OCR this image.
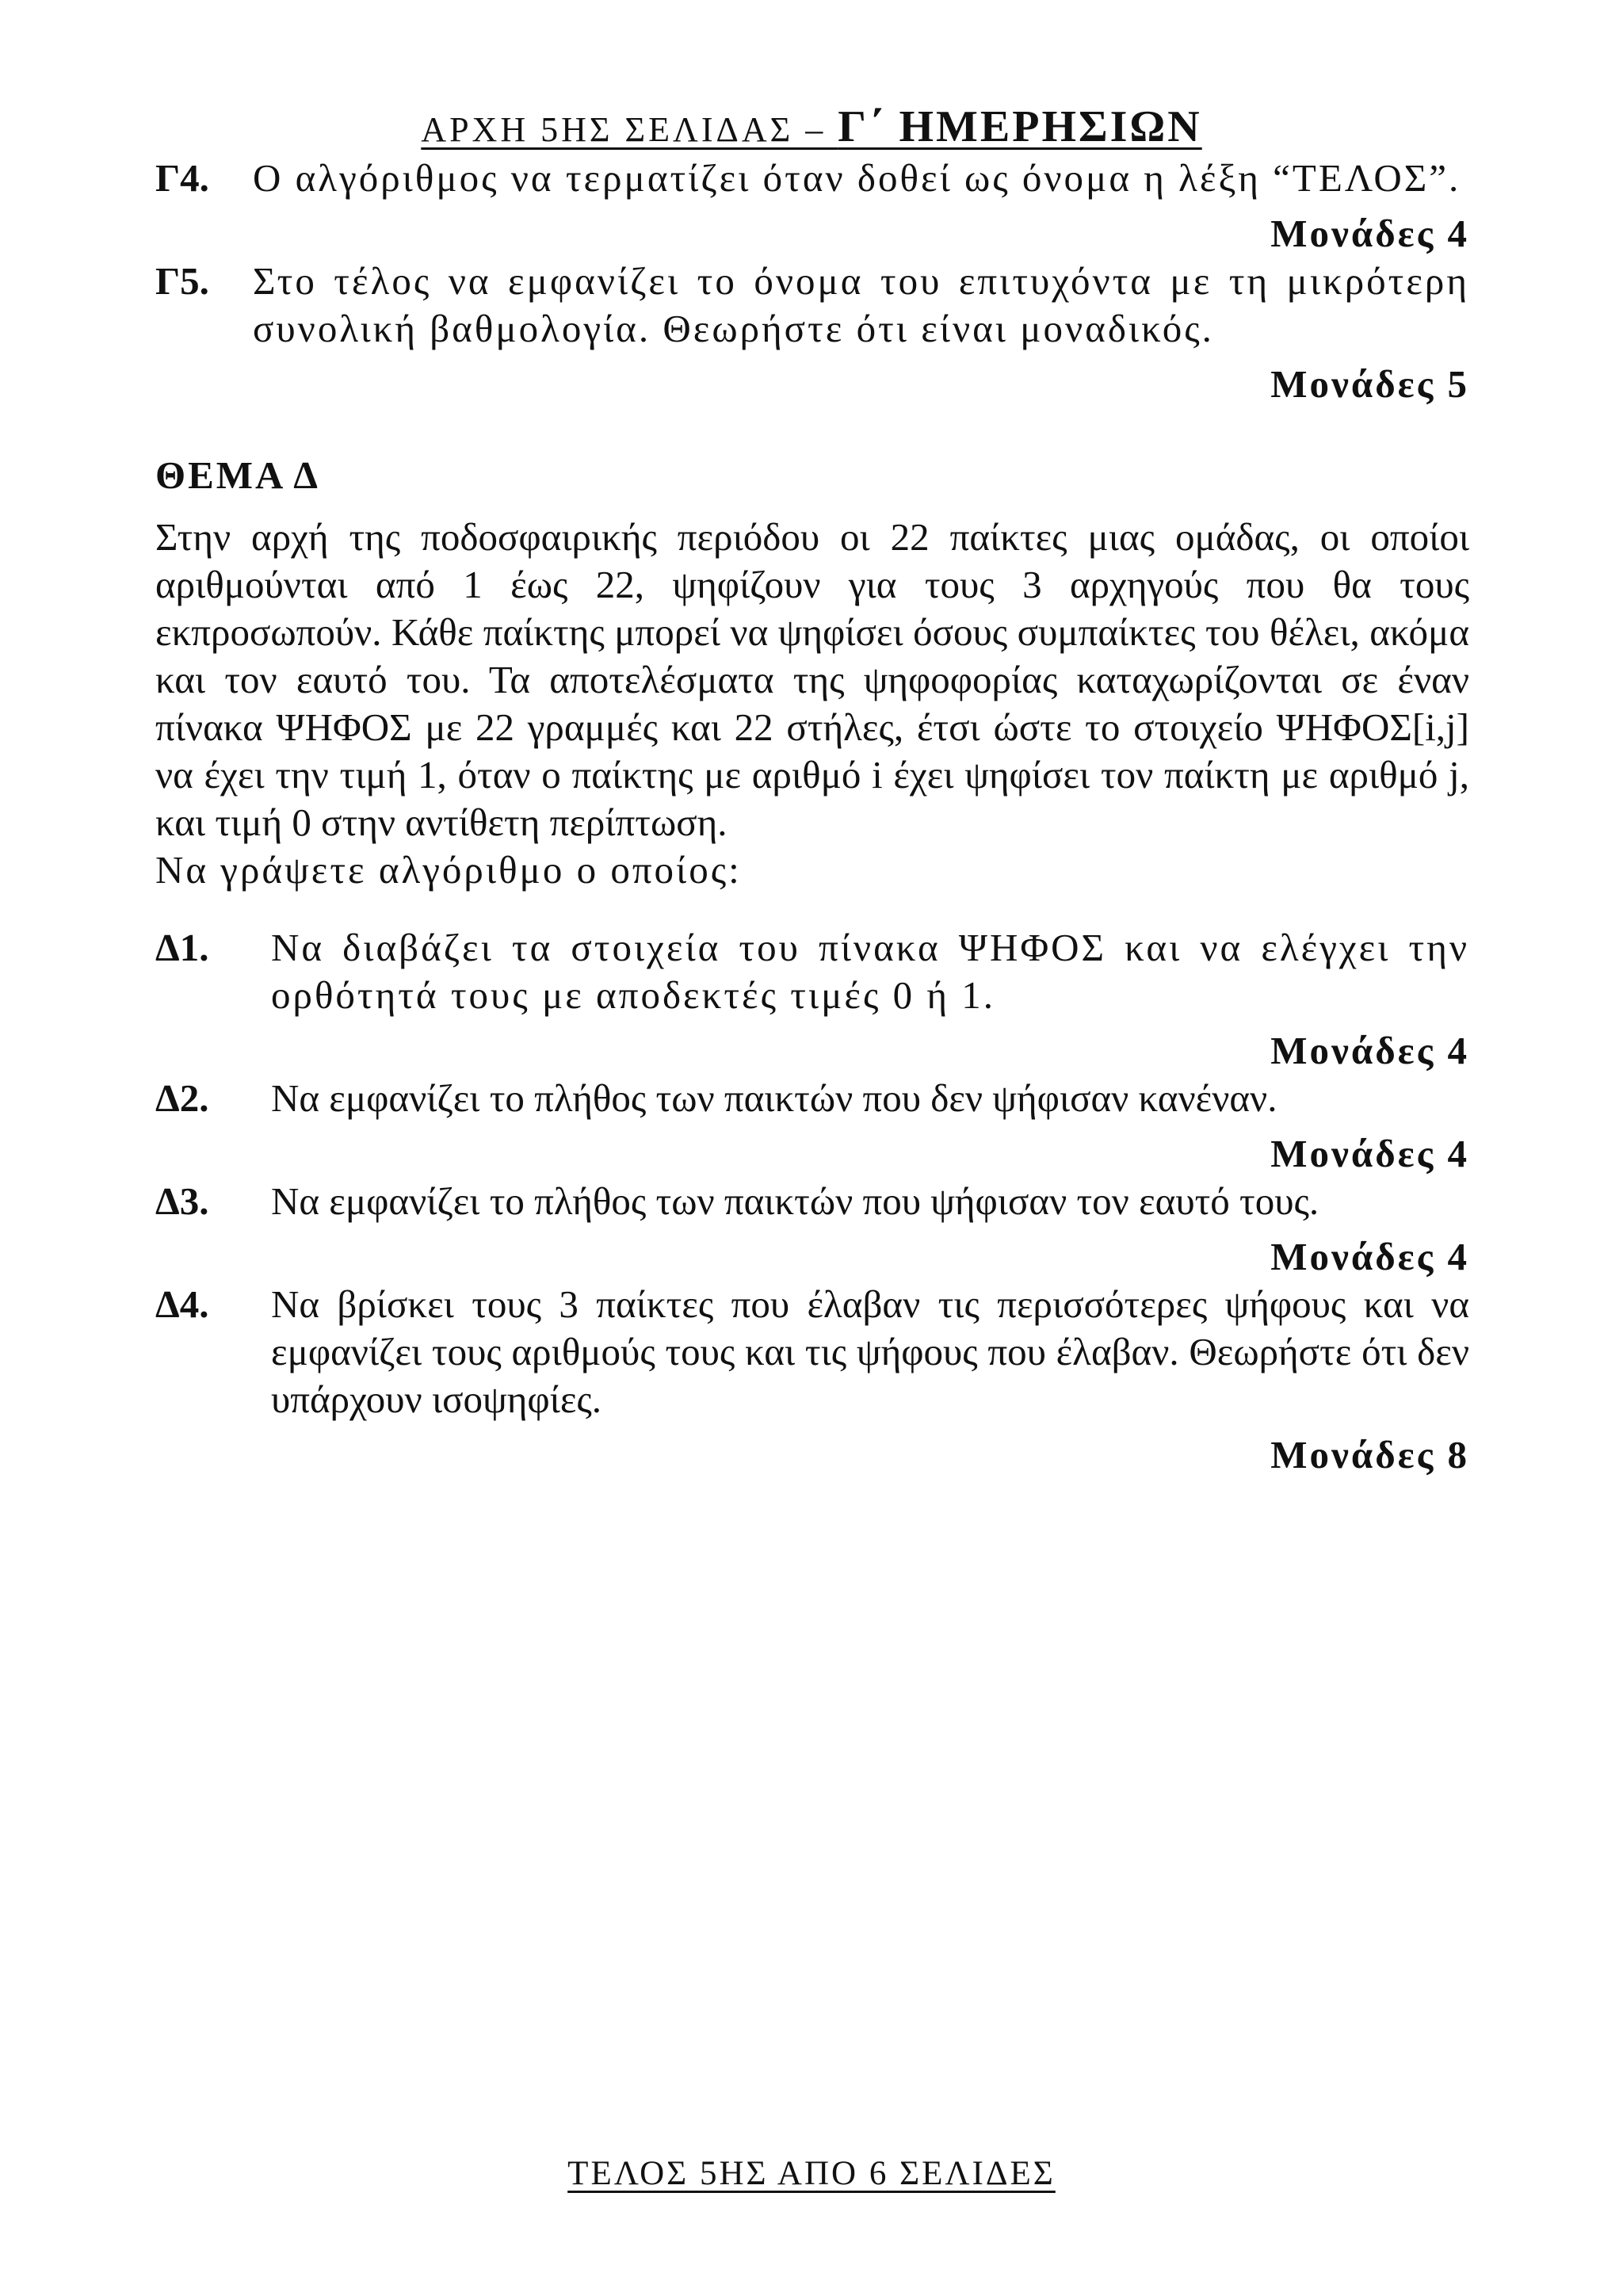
ΑΡΧΗ 5ΗΣ ΣΕΛΙΔΑΣ – Γ΄ ΗΜΕΡΗΣΙΩΝ
Γ4. Ο αλγόριθμος να τερματίζει όταν δοθεί ως όνομα η λέξη “ΤΕΛΟΣ”.
Μονάδες 4
Γ5. Στο τέλος να εμφανίζει το όνομα του επιτυχόντα με τη μικρότερη συνολική βαθμολογία. Θεωρήστε ότι είναι μοναδικός.
Μονάδες 5
ΘΕΜΑ Δ
Στην αρχή της ποδοσφαιρικής περιόδου οι 22 παίκτες μιας ομάδας, οι οποίοι αριθμούνται από 1 έως 22, ψηφίζουν για τους 3 αρχηγούς που θα τους εκπροσωπούν. Κάθε παίκτης μπορεί να ψηφίσει όσους συμπαίκτες του θέλει, ακόμα και τον εαυτό του. Τα αποτελέσματα της ψηφοφορίας καταχωρίζονται σε έναν πίνακα ΨΗΦΟΣ με 22 γραμμές και 22 στήλες, έτσι ώστε το στοιχείο ΨΗΦΟΣ[i,j] να έχει την τιμή 1, όταν ο παίκτης με αριθμό i έχει ψηφίσει τον παίκτη με αριθμό j, και τιμή 0 στην αντίθετη περίπτωση.
Να γράψετε αλγόριθμο ο οποίος:
Δ1. Να διαβάζει τα στοιχεία του πίνακα ΨΗΦΟΣ και να ελέγχει την ορθότητά τους με αποδεκτές τιμές 0 ή 1.
Μονάδες 4
Δ2. Να εμφανίζει το πλήθος των παικτών που δεν ψήφισαν κανέναν.
Μονάδες 4
Δ3. Να εμφανίζει το πλήθος των παικτών που ψήφισαν τον εαυτό τους.
Μονάδες 4
Δ4. Να βρίσκει τους 3 παίκτες που έλαβαν τις περισσότερες ψήφους και να εμφανίζει τους αριθμούς τους και τις ψήφους που έλαβαν. Θεωρήστε ότι δεν υπάρχουν ισοψηφίες.
Μονάδες 8
ΤΕΛΟΣ 5ΗΣ ΑΠΟ 6 ΣΕΛΙΔΕΣ
